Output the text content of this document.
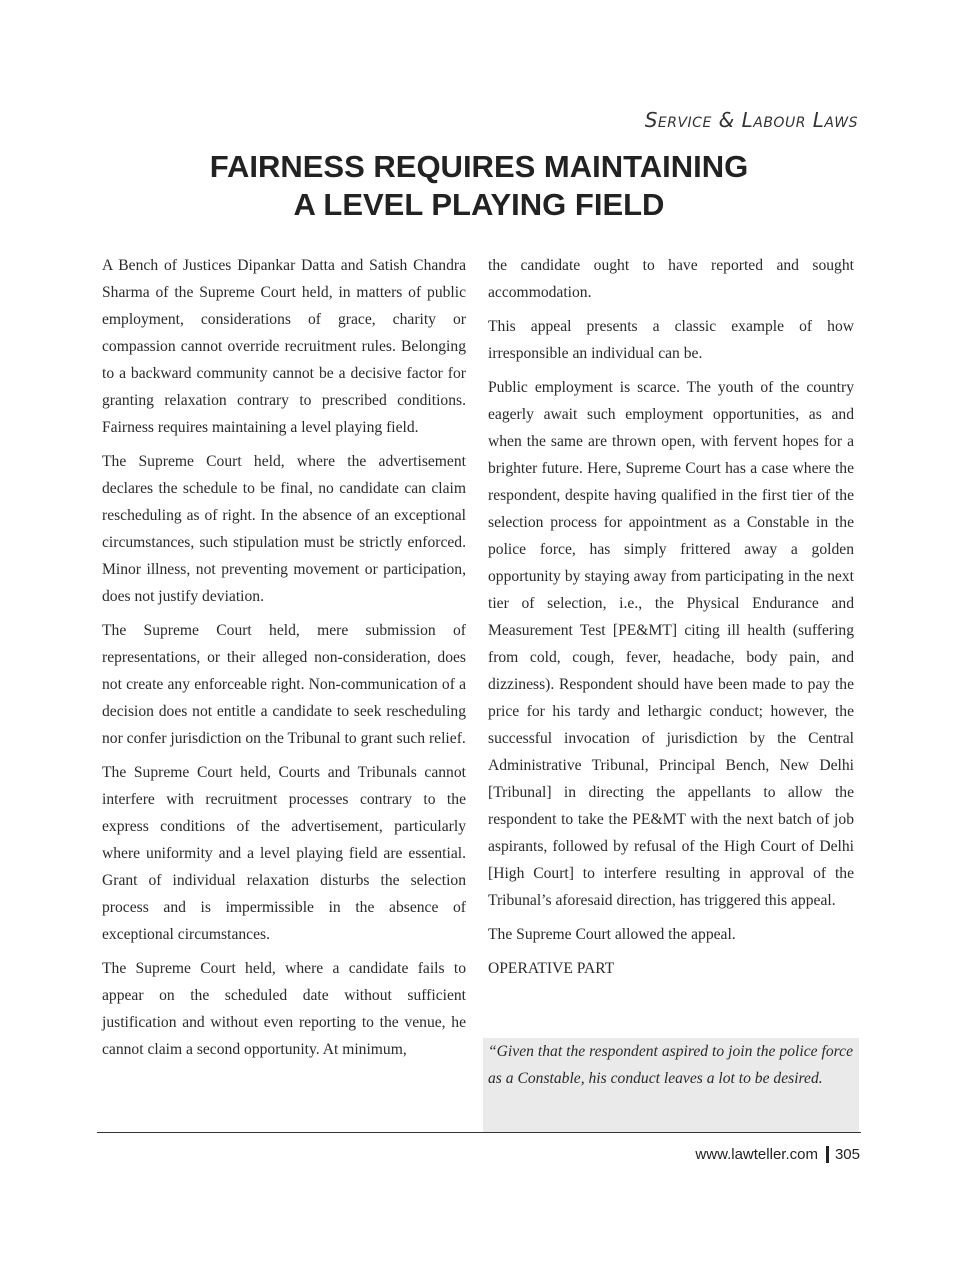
Service & Labour Laws

FAIRNESS REQUIRES MAINTAINING
A LEVEL PLAYING FIELD

A Bench of Justices Dipankar Datta and Satish Chandra Sharma of the Supreme Court held, in matters of public employment, considerations of grace, charity or compassion cannot override recruitment rules. Belonging to a backward community cannot be a decisive factor for granting relaxation contrary to prescribed conditions. Fairness requires maintaining a level playing field.

The Supreme Court held, where the advertisement declares the schedule to be final, no candidate can claim rescheduling as of right. In the absence of an exceptional circumstances, such stipulation must be strictly enforced. Minor illness, not preventing movement or participation, does not justify deviation.

The Supreme Court held, mere submission of representations, or their alleged non-consideration, does not create any enforceable right. Non-communication of a decision does not entitle a candidate to seek rescheduling nor confer jurisdiction on the Tribunal to grant such relief.

The Supreme Court held, Courts and Tribunals cannot interfere with recruitment processes contrary to the express conditions of the advertisement, particularly where uniformity and a level playing field are essential. Grant of individual relaxation disturbs the selection process and is impermissible in the absence of exceptional circumstances.

The Supreme Court held, where a candidate fails to appear on the scheduled date without sufficient justification and without even reporting to the venue, he cannot claim a second opportunity. At minimum,

the candidate ought to have reported and sought accommodation.

This appeal presents a classic example of how irresponsible an individual can be.

Public employment is scarce. The youth of the country eagerly await such employment opportunities, as and when the same are thrown open, with fervent hopes for a brighter future. Here, Supreme Court has a case where the respondent, despite having qualified in the first tier of the selection process for appointment as a Constable in the police force, has simply frittered away a golden opportunity by staying away from participating in the next tier of selection, i.e., the Physical Endurance and Measurement Test [PE&MT] citing ill health (suffering from cold, cough, fever, headache, body pain, and dizziness). Respondent should have been made to pay the price for his tardy and lethargic conduct; however, the successful invocation of jurisdiction by the Central Administrative Tribunal, Principal Bench, New Delhi [Tribunal] in directing the appellants to allow the respondent to take the PE&MT with the next batch of job aspirants, followed by refusal of the High Court of Delhi [High Court] to interfere resulting in approval of the Tribunal’s aforesaid direction, has triggered this appeal.

The Supreme Court allowed the appeal.

OPERATIVE PART

“Given that the respondent aspired to join the police force as a Constable, his conduct leaves a lot to be desired.

www.lawteller.com 305
